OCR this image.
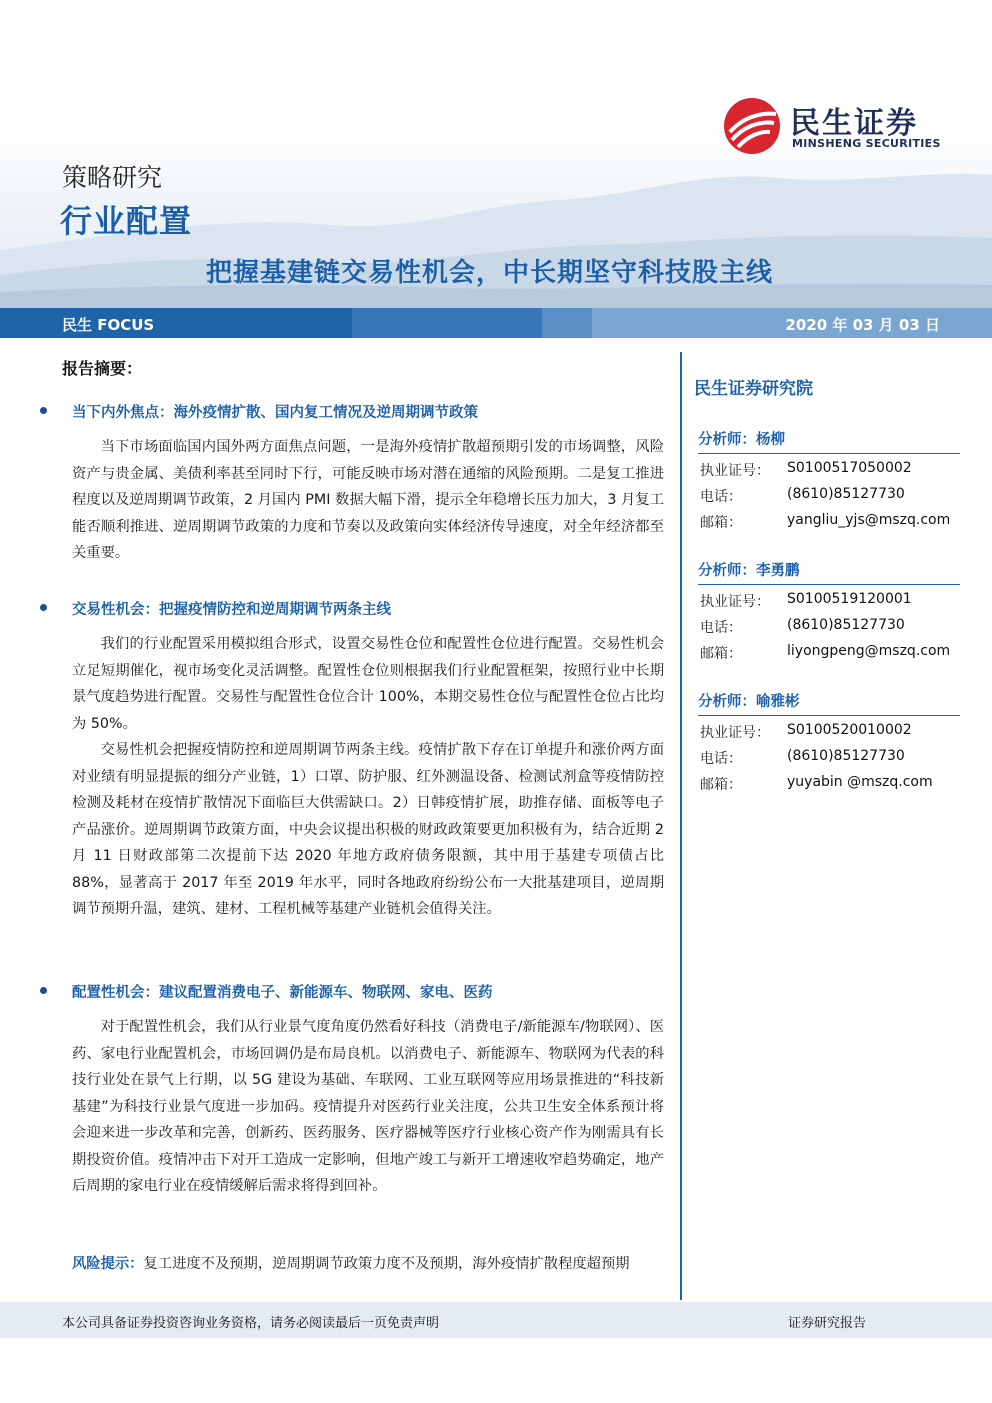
民生证券
MINSHENG SECURITIES
策略研究
行业配置
把握基建链交易性机会，中长期坚守科技股主线
民生 FOCUS	2020 年 03 月 03 日
报告摘要：
当下内外焦点：海外疫情扩散、国内复工情况及逆周期调节政策

当下市场面临国内国外两方面焦点问题，一是海外疫情扩散超预期引发的市场调整，风险资产与贵金属、美债利率甚至同时下行，可能反映市场对潜在通缩的风险预期。二是复工推进程度以及逆周期调节政策，2 月国内 PMI 数据大幅下滑，提示全年稳增长压力加大，3 月复工能否顺利推进、逆周期调节政策的力度和节奏以及政策向实体经济传导速度，对全年经济都至关重要。

交易性机会：把握疫情防控和逆周期调节两条主线

我们的行业配置采用模拟组合形式，设置交易性仓位和配置性仓位进行配置。交易性机会立足短期催化，视市场变化灵活调整。配置性仓位则根据我们行业配置框架，按照行业中长期景气度趋势进行配置。交易性与配置性仓位合计 100%，本期交易性仓位与配置性仓位占比均为 50%。

交易性机会把握疫情防控和逆周期调节两条主线。疫情扩散下存在订单提升和涨价两方面对业绩有明显提振的细分产业链，1）口罩、防护服、红外测温设备、检测试剂盒等疫情防控检测及耗材在疫情扩散情况下面临巨大供需缺口。2）日韩疫情扩展，助推存储、面板等电子产品涨价。逆周期调节政策方面，中央会议提出积极的财政政策要更加积极有为，结合近期 2 月 11 日财政部第二次提前下达 2020 年地方政府债务限额，其中用于基建专项债占比 88%，显著高于 2017 年至 2019 年水平，同时各地政府纷纷公布一大批基建项目，逆周期调节预期升温，建筑、建材、工程机械等基建产业链机会值得关注。

配置性机会：建议配置消费电子、新能源车、物联网、家电、医药

对于配置性机会，我们从行业景气度角度仍然看好科技（消费电子/新能源车/物联网）、医药、家电行业配置机会，市场回调仍是布局良机。以消费电子、新能源车、物联网为代表的科技行业处在景气上行期，以 5G 建设为基础、车联网、工业互联网等应用场景推进的“科技新基建”为科技行业景气度进一步加码。疫情提升对医药行业关注度，公共卫生安全体系预计将会迎来进一步改革和完善，创新药、医药服务、医疗器械等医疗行业核心资产作为刚需具有长期投资价值。疫情冲击下对开工造成一定影响，但地产竣工与新开工增速收窄趋势确定，地产后周期的家电行业在疫情缓解后需求将得到回补。

风险提示：复工进度不及预期，逆周期调节政策力度不及预期，海外疫情扩散程度超预期
民生证券研究院
分析师：杨柳
执业证号： S0100517050002
电话：	(8610)85127730
邮箱：	yangliu_yjs@mszq.com
分析师：李勇鹏
执业证号： S0100519120001
电话：	(8610)85127730
邮箱：	liyongpeng@mszq.com
分析师：喻雅彬
执业证号： S0100520010002
电话：	(8610)85127730
邮箱：	yuyabin @mszq.com
本公司具备证券投资咨询业务资格，请务必阅读最后一页免责声明	证券研究报告
